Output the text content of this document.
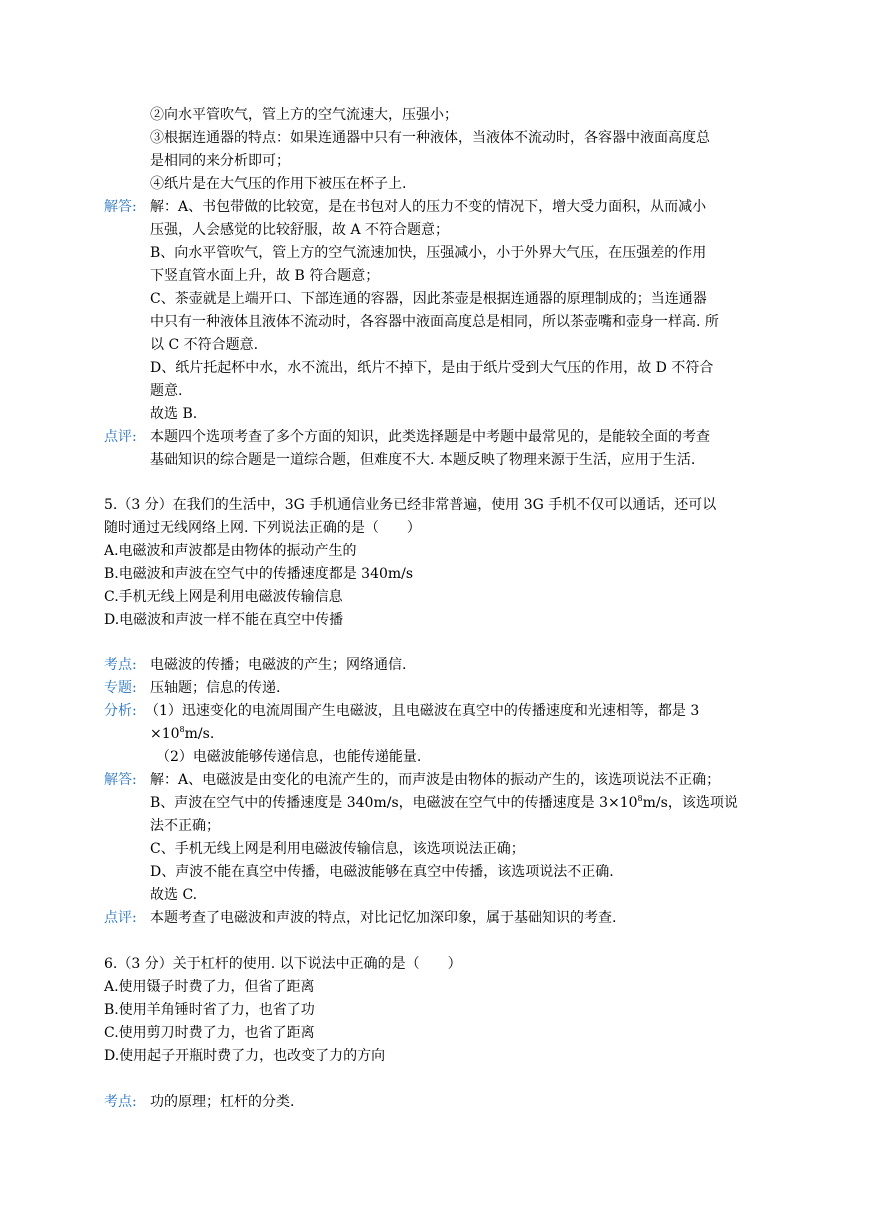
②向水平管吹气，管上方的空气流速大，压强小；
③根据连通器的特点：如果连通器中只有一种液体，当液体不流动时，各容器中液面高度总
是相同的来分析即可；
④纸片是在大气压的作用下被压在杯子上.
解答: 解：A、书包带做的比较宽，是在书包对人的压力不变的情况下，增大受力面积，从而减小
压强，人会感觉的比较舒服，故 A 不符合题意；
B、向水平管吹气，管上方的空气流速加快，压强减小，小于外界大气压，在压强差的作用
下竖直管水面上升，故 B 符合题意；
C、茶壶就是上端开口、下部连通的容器，因此茶壶是根据连通器的原理制成的；当连通器
中只有一种液体且液体不流动时，各容器中液面高度总是相同，所以茶壶嘴和壶身一样高. 所
以 C 不符合题意.
D、纸片托起杯中水，水不流出，纸片不掉下，是由于纸片受到大气压的作用，故 D 不符合
题意.
故选 B.
点评: 本题四个选项考查了多个方面的知识，此类选择题是中考题中最常见的，是能较全面的考查
基础知识的综合题是一道综合题，但难度不大. 本题反映了物理来源于生活，应用于生活.
5.（3 分）在我们的生活中，3G 手机通信业务已经非常普遍，使用 3G 手机不仅可以通话，还可以
随时通过无线网络上网. 下列说法正确的是（　　）
A.电磁波和声波都是由物体的振动产生的
B.电磁波和声波在空气中的传播速度都是 340m/s
C.手机无线上网是利用电磁波传输信息
D.电磁波和声波一样不能在真空中传播
考点: 电磁波的传播；电磁波的产生；网络通信.
专题: 压轴题；信息的传递.
分析: （1）迅速变化的电流周围产生电磁波，且电磁波在真空中的传播速度和光速相等，都是 3
$\times 10^8m/s$.
（2）电磁波能够传递信息，也能传递能量.
解答: 解：A、电磁波是由变化的电流产生的，而声波是由物体的振动产生的，该选项说法不正确；
B、声波在空气中的传播速度是 340m/s，电磁波在空气中的传播速度是 $3\times 10^8m/s$，该选项说
法不正确；
C、手机无线上网是利用电磁波传输信息，该选项说法正确；
D、声波不能在真空中传播，电磁波能够在真空中传播，该选项说法不正确.
故选 C.
点评: 本题考查了电磁波和声波的特点，对比记忆加深印象，属于基础知识的考查.
6.（3 分）关于杠杆的使用. 以下说法中正确的是（　　）
A.使用镊子时费了力，但省了距离
B.使用羊角锤时省了力，也省了功
C.使用剪刀时费了力，也省了距离
D.使用起子开瓶时费了力，也改变了力的方向
考点: 功的原理；杠杆的分类.
